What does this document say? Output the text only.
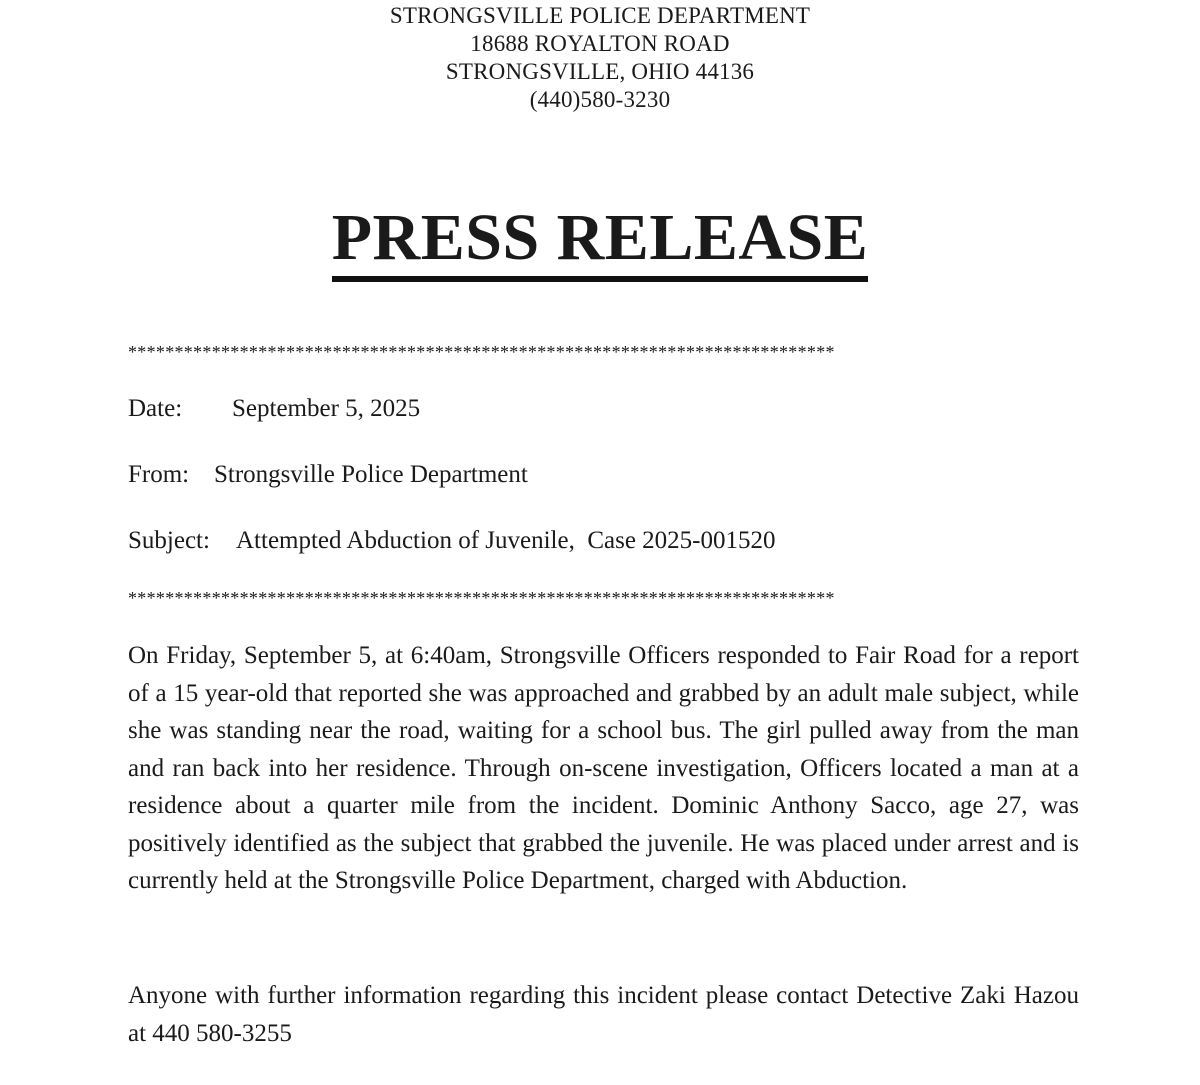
STRONGSVILLE POLICE DEPARTMENT
18688 ROYALTON ROAD
STRONGSVILLE, OHIO 44136
(440)580-3230
PRESS RELEASE
****************************************************************************
Date: September 5, 2025
From: Strongsville Police Department
Subject: Attempted Abduction of Juvenile,  Case 2025-001520
****************************************************************************

On Friday, September 5, at 6:40am, Strongsville Officers responded to Fair Road for a report of a 15 year-old that reported she was approached and grabbed by an adult male subject, while she was standing near the road, waiting for a school bus. The girl pulled away from the man and ran back into her residence. Through on-scene investigation, Officers located a man at a residence about a quarter mile from the incident. Dominic Anthony Sacco, age 27, was positively identified as the subject that grabbed the juvenile. He was placed under arrest and is currently held at the Strongsville Police Department, charged with Abduction.

Anyone with further information regarding this incident please contact Detective Zaki Hazou at 440 580-3255
